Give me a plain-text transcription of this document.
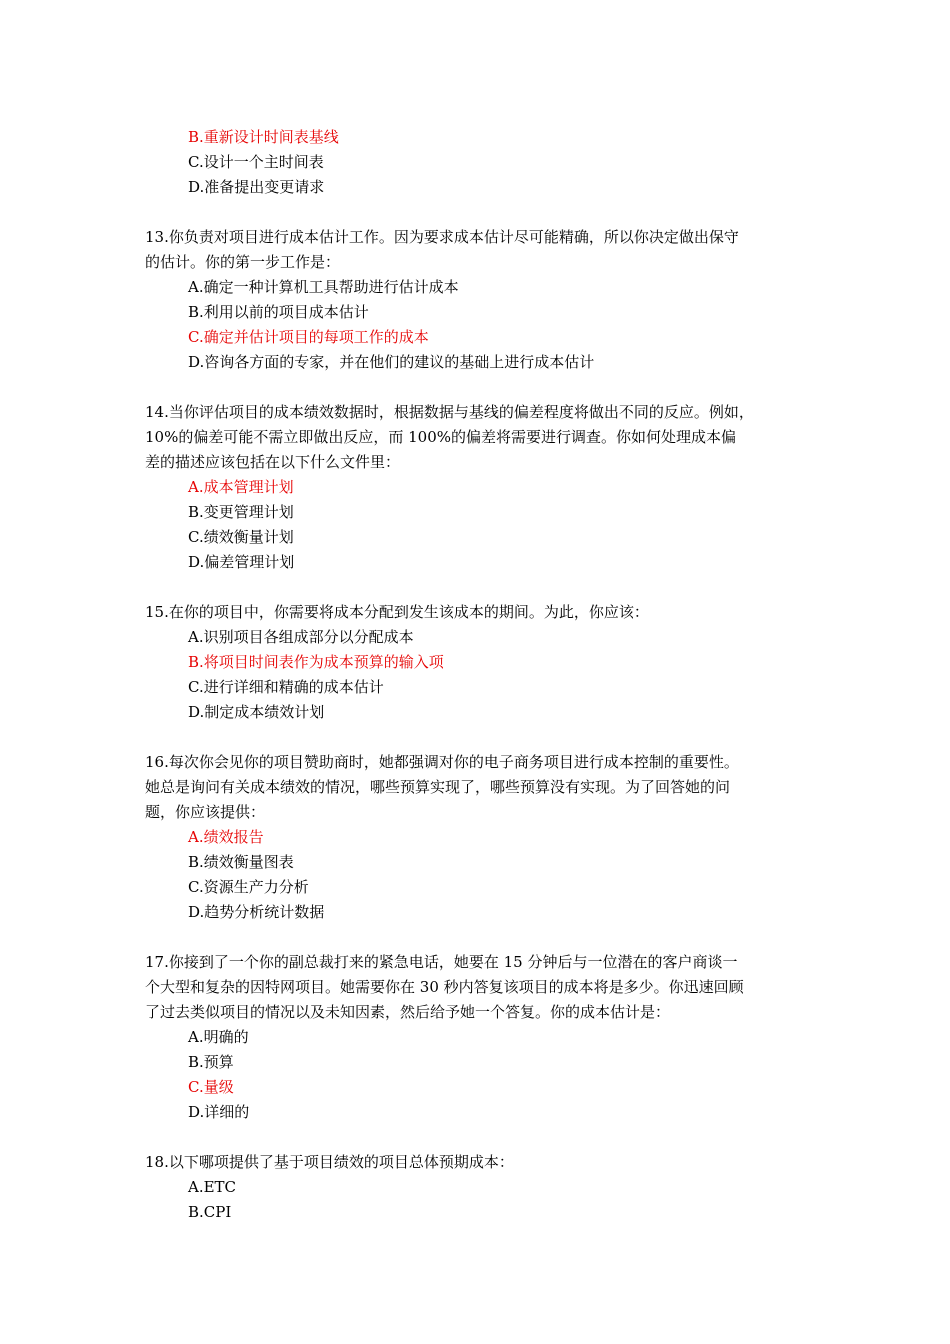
B.重新设计时间表基线
C.设计一个主时间表
D.准备提出变更请求
13.你负责对项目进行成本估计工作。因为要求成本估计尽可能精确，所以你决定做出保守
的估计。你的第一步工作是：
A.确定一种计算机工具帮助进行估计成本
B.利用以前的项目成本估计
C.确定并估计项目的每项工作的成本
D.咨询各方面的专家，并在他们的建议的基础上进行成本估计
14.当你评估项目的成本绩效数据时，根据数据与基线的偏差程度将做出不同的反应。例如，
10%的偏差可能不需立即做出反应，而 100%的偏差将需要进行调查。你如何处理成本偏
差的描述应该包括在以下什么文件里：
A.成本管理计划
B.变更管理计划
C.绩效衡量计划
D.偏差管理计划
15.在你的项目中，你需要将成本分配到发生该成本的期间。为此，你应该：
A.识别项目各组成部分以分配成本
B.将项目时间表作为成本预算的输入项
C.进行详细和精确的成本估计
D.制定成本绩效计划
16.每次你会见你的项目赞助商时，她都强调对你的电子商务项目进行成本控制的重要性。
她总是询问有关成本绩效的情况，哪些预算实现了，哪些预算没有实现。为了回答她的问
题，你应该提供：
A.绩效报告
B.绩效衡量图表
C.资源生产力分析
D.趋势分析统计数据
17.你接到了一个你的副总裁打来的紧急电话，她要在 15 分钟后与一位潜在的客户商谈一
个大型和复杂的因特网项目。她需要你在 30 秒内答复该项目的成本将是多少。你迅速回顾
了过去类似项目的情况以及未知因素，然后给予她一个答复。你的成本估计是：
A.明确的
B.预算
C.量级
D.详细的
18.以下哪项提供了基于项目绩效的项目总体预期成本：
A.ETC
B.CPI
